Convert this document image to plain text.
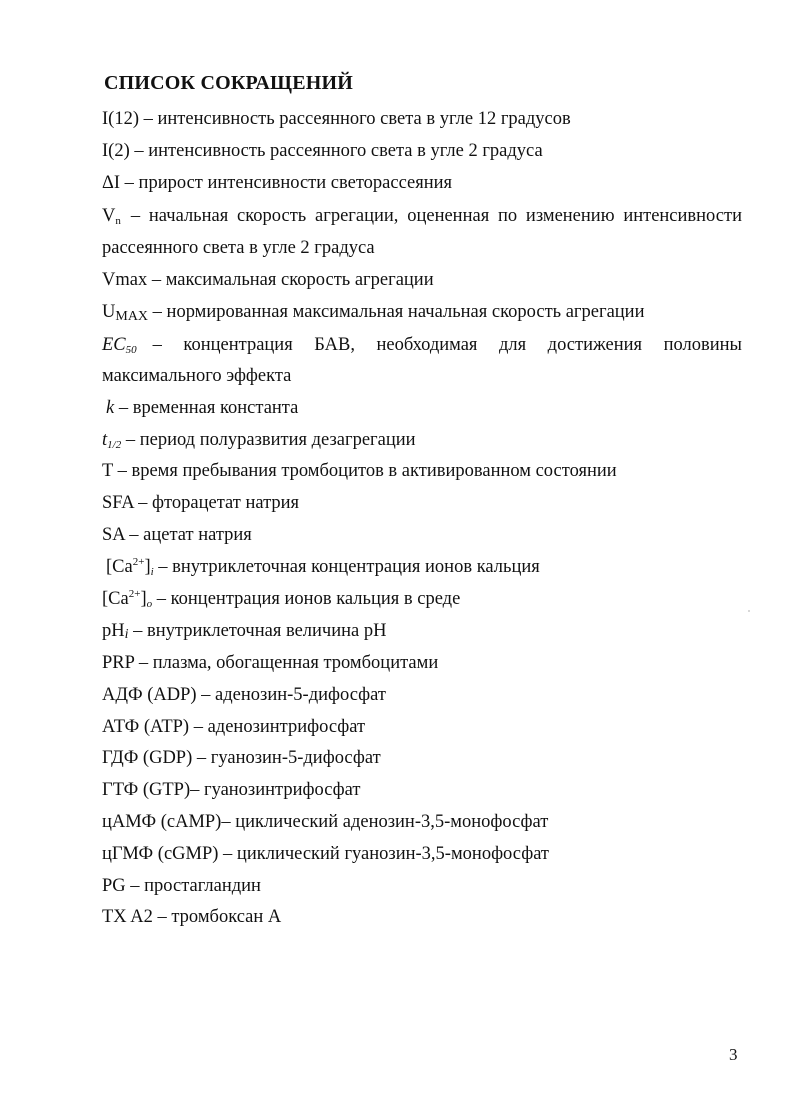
СПИСОК СОКРАЩЕНИЙ
I(12) – интенсивность рассеянного света в угле 12 градусов
I(2) – интенсивность рассеянного света в угле 2 градуса
ΔI – прирост интенсивности светорассеяния
$V_n$ – начальная скорость агрегации, оцененная по изменению интенсивности
рассеянного света в угле 2 градуса
Vmax – максимальная скорость агрегации
$U_{MAX}$ – нормированная максимальная начальная скорость агрегации
$EC_{50}$ – концентрация БАВ, необходимая для достижения половины
максимального эффекта
k – временная константа
$t_{1/2}$ – период полуразвития дезагрегации
T – время пребывания тромбоцитов в активированном состоянии
SFA – фторацетат натрия
SA – ацетат натрия
$[Ca^{2+}]_i$ – внутриклеточная концентрация ионов кальция
$[Ca^{2+}]_o$ – концентрация ионов кальция в среде
$pH_i$ – внутриклеточная величина pH
PRP – плазма, обогащенная тромбоцитами
АДФ (ADP) – аденозин-5-дифосфат
АТФ (ATP) – аденозинтрифосфат
ГДФ (GDP) – гуанозин-5-дифосфат
ГТФ (GTP)– гуанозинтрифосфат
цАМФ (cAMP)– циклический аденозин-3,5-монофосфат
цГМФ (cGMP) – циклический гуанозин-3,5-монофосфат
PG – простагландин
TX A2 – тромбоксан A
3
